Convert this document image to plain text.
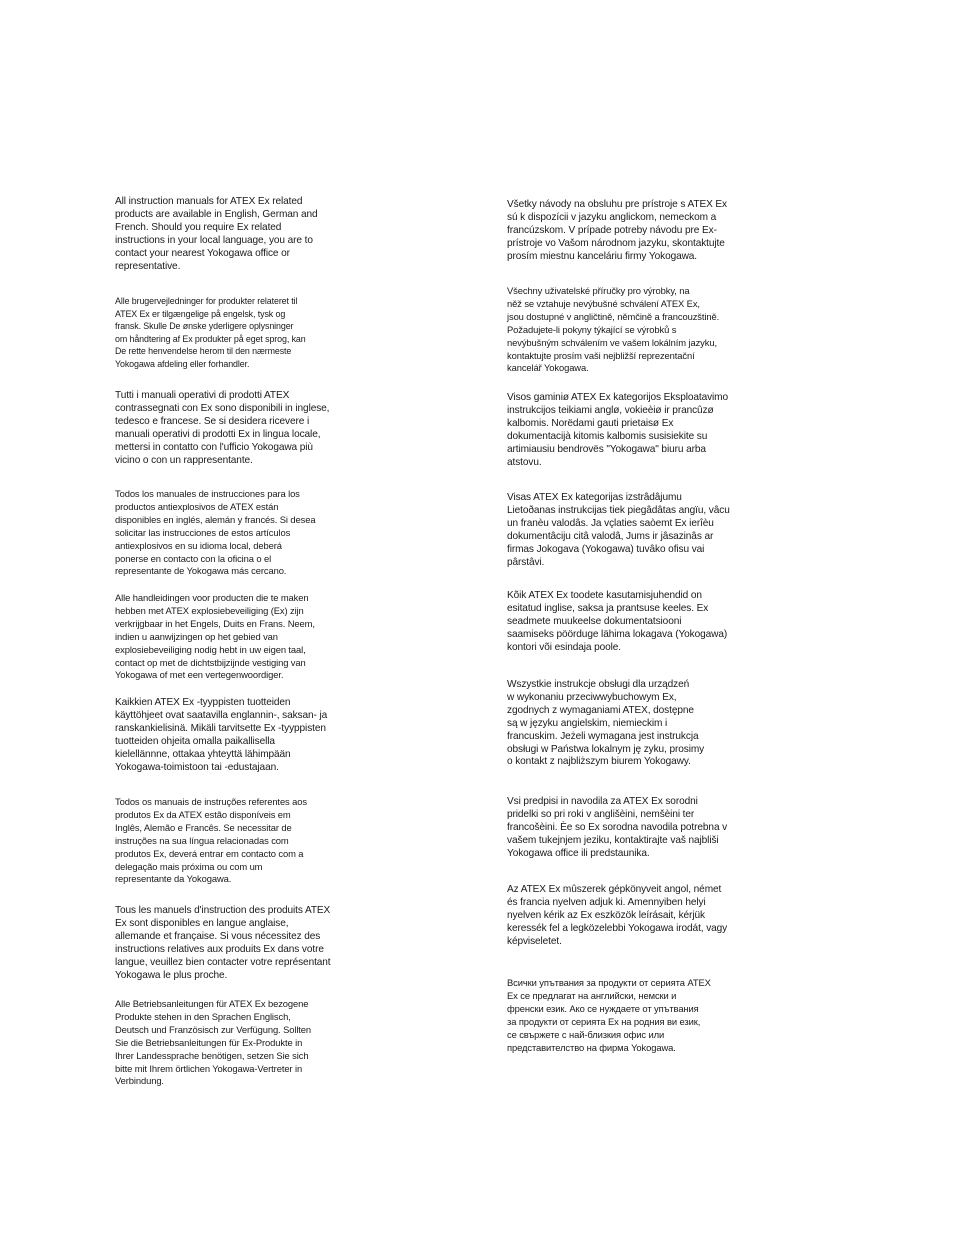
All instruction manuals for ATEX Ex related
products are available in English, German and
French. Should you require Ex related
instructions in your local language, you are to
contact your nearest Yokogawa office or
representative.

Alle brugervejledninger for produkter relateret til
ATEX Ex er tilgængelige på engelsk, tysk og
fransk. Skulle De ønske yderligere oplysninger
om håndtering af Ex produkter på eget sprog, kan
De rette henvendelse herom til den nærmeste
Yokogawa afdeling eller forhandler.

Tutti i manuali operativi di prodotti ATEX
contrassegnati con Ex sono disponibili in inglese,
tedesco e francese. Se si desidera ricevere i
manuali operativi di prodotti Ex in lingua locale,
mettersi in contatto con l'ufficio Yokogawa più
vicino o con un rappresentante.

Todos los manuales de instrucciones para los
productos antiexplosivos de ATEX están
disponibles en inglés, alemán y francés. Si desea
solicitar las instrucciones de estos artículos
antiexplosivos en su idioma local, deberá
ponerse en contacto con la oficina o el
representante de Yokogawa más cercano.

Alle handleidingen voor producten die te maken
hebben met ATEX explosiebeveiliging (Ex) zijn
verkrijgbaar in het Engels, Duits en Frans. Neem,
indien u aanwijzingen op het gebied van
explosiebeveiliging nodig hebt in uw eigen taal,
contact op met de dichtstbijzijnde vestiging van
Yokogawa of met een vertegenwoordiger.

Kaikkien ATEX Ex -tyyppisten tuotteiden
käyttöhjeet ovat saatavilla englannin-, saksan- ja
ranskankielisinä. Mikäli tarvitsette Ex -tyyppisten
tuotteiden ohjeita omalla paikallisella
kielellännne, ottakaa yhteyttä lähimpään
Yokogawa-toimistoon tai -edustajaan.

Todos os manuais de instruções referentes aos
produtos Ex da ATEX estão disponíveis em
Inglês, Alemão e Francês. Se necessitar de
instruções na sua língua relacionadas com
produtos Ex, deverá entrar em contacto com a
delegação mais próxima ou com um
representante da Yokogawa.

Tous les manuels d'instruction des produits ATEX
Ex sont disponibles en langue anglaise,
allemande et française. Si vous nécessitez des
instructions relatives aux produits Ex dans votre
langue, veuillez bien contacter votre représentant
Yokogawa le plus proche.

Alle Betriebsanleitungen für ATEX Ex bezogene
Produkte stehen in den Sprachen Englisch,
Deutsch und Französisch zur Verfügung. Sollten
Sie die Betriebsanleitungen für Ex-Produkte in
Ihrer Landessprache benötigen, setzen Sie sich
bitte mit Ihrem örtlichen Yokogawa-Vertreter in
Verbindung.

Všetky návody na obsluhu pre prístroje s ATEX Ex
sú k dispozícii v jazyku anglickom, nemeckom a
francúzskom. V prípade potreby návodu pre Ex-
prístroje vo Vašom národnom jazyku, skontaktujte
prosím miestnu kanceláriu firmy Yokogawa.

Všechny uživatelské příručky pro výrobky, na
něž se vztahuje nevýbušné schválení ATEX Ex,
jsou dostupné v angličtině, němčině a francouzštině.
Požadujete-li pokyny týkající se výrobků s
nevýbušným schválením ve vašem lokálním jazyku,
kontaktujte prosím vaši nejbližší reprezentační
kancelář Yokogawa.

Visos gaminiø ATEX Ex kategorijos Eksploatavimo
instrukcijos teikiami anglø, vokieèiø ir prancûzø
kalbomis. Norëdami gauti prietaisø Ex
dokumentacijà kitomis kalbomis susisiekite su
artimiausiu bendrovës "Yokogawa" biuru arba
atstovu.

Visas ATEX Ex kategorijas izstrâdâjumu
Lietoðanas instrukcijas tiek piegâdâtas angïu, vâcu
un franèu valodâs. Ja vçlaties saòemt Ex ierîèu
dokumentâciju citâ valodâ, Jums ir jâsazinâs ar
firmas Jokogava (Yokogawa) tuvâko ofisu vai
pârstâvi.

Kõik ATEX Ex toodete kasutamisjuhendid on
esitatud inglise, saksa ja prantsuse keeles. Ex
seadmete muukeelse dokumentatsiooni
saamiseks pöörduge lähima lokagava (Yokogawa)
kontori või esindaja poole.

Wszystkie instrukcje obsługi dla urządzeń
w wykonaniu przeciwwybuchowym Ex,
zgodnych z wymaganiami ATEX, dostępne
są w języku angielskim, niemieckim i
francuskim. Jeżeli wymagana jest instrukcja
obsługi w Państwa lokalnym ję zyku, prosimy
o kontakt z najbliższym biurem Yokogawy.

Vsi predpisi in navodila za ATEX Ex sorodni
pridelki so pri roki v anglišèini, nemšèini ter
francošèini. Èe so Ex sorodna navodila potrebna v
vašem tukejnjem jeziku, kontaktirajte vaš najbliši
Yokogawa office ili predstaunika.

Az ATEX Ex mûszerek gépkönyveit angol, német
és francia nyelven adjuk ki. Amennyiben helyi
nyelven kérik az Ex eszközök leírásait, kérjük
keressék fel a legközelebbi Yokogawa irodát, vagy
képviseletet.

Всички упътвания за продукти от серията ATEX
Ex се предлагат на английски, немски и
френски език. Ако се нуждаете от упътвания
за продукти от серията Ex на родния ви език,
се свържете с най-близкия офис или
представителство на фирма Yokogawa.
